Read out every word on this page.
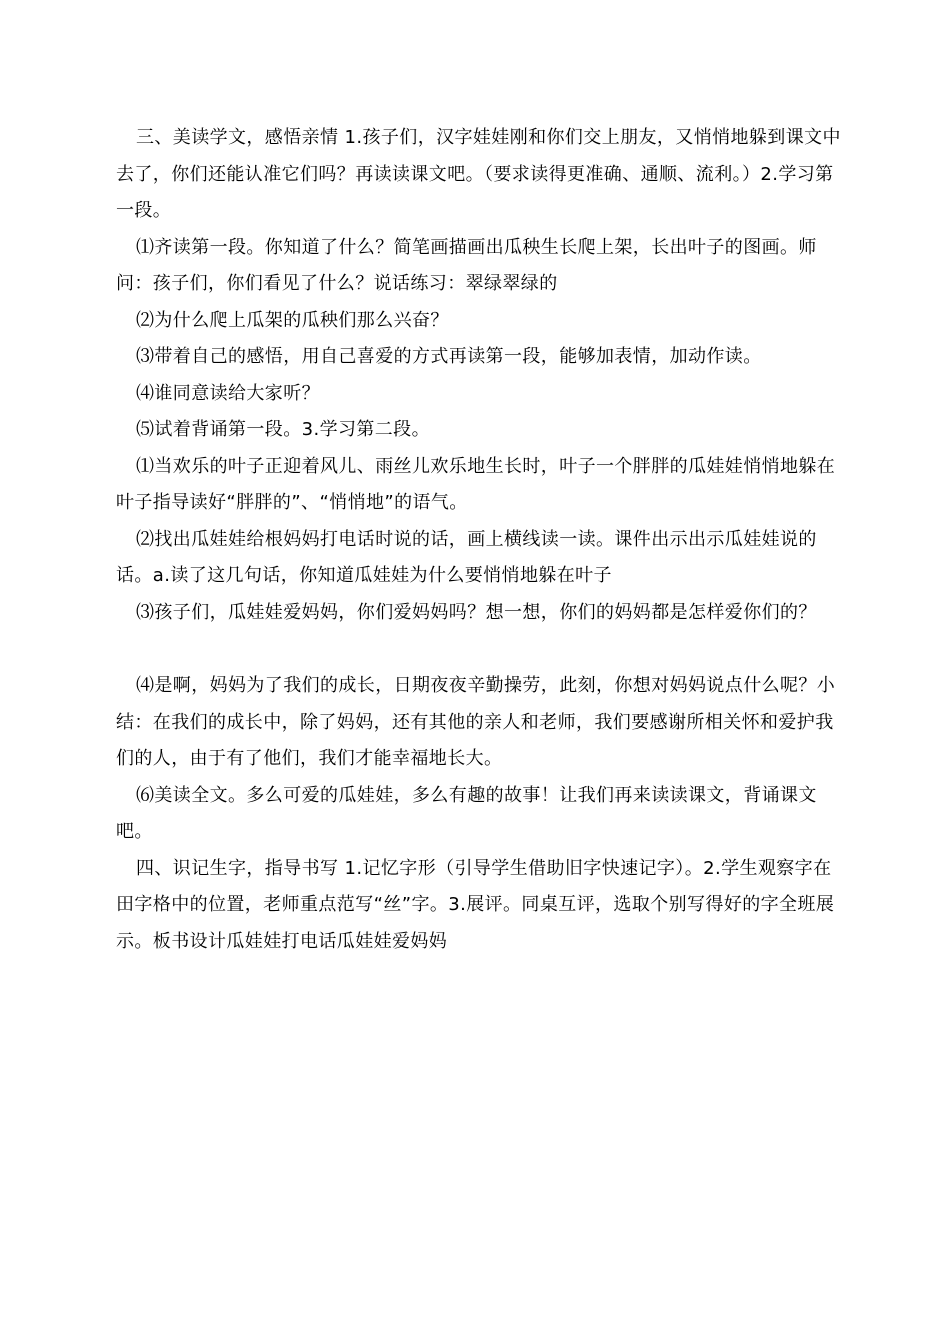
三、美读学文，感悟亲情 1.孩子们，汉字娃娃刚和你们交上朋友，又悄悄地躲到课文中去了，你们还能认准它们吗？再读读课文吧。（要求读得更准确、通顺、流利。）2.学习第一段。

⑴齐读第一段。你知道了什么？简笔画描画出瓜秧生长爬上架，长出叶子的图画。师问：孩子们，你们看见了什么？说话练习：翠绿翠绿的

⑵为什么爬上瓜架的瓜秧们那么兴奋？

⑶带着自己的感悟，用自己喜爱的方式再读第一段，能够加表情，加动作读。

⑷谁同意读给大家听？

⑸试着背诵第一段。3.学习第二段。

⑴当欢乐的叶子正迎着风儿、雨丝儿欢乐地生长时，叶子一个胖胖的瓜娃娃悄悄地躲在叶子指导读好“胖胖的”、“悄悄地”的语气。

⑵找出瓜娃娃给根妈妈打电话时说的话，画上横线读一读。课件出示出示瓜娃娃说的话。a.读了这几句话，你知道瓜娃娃为什么要悄悄地躲在叶子

⑶孩子们，瓜娃娃爱妈妈，你们爱妈妈吗？想一想，你们的妈妈都是怎样爱你们的？

⑷是啊，妈妈为了我们的成长，日期夜夜辛勤操劳，此刻，你想对妈妈说点什么呢？小结：在我们的成长中，除了妈妈，还有其他的亲人和老师，我们要感谢所相关怀和爱护我们的人，由于有了他们，我们才能幸福地长大。

⑹美读全文。多么可爱的瓜娃娃，多么有趣的故事！让我们再来读读课文，背诵课文吧。

四、识记生字，指导书写 1.记忆字形（引导学生借助旧字快速记字）。2.学生观察字在田字格中的位置，老师重点范写“丝”字。3.展评。同桌互评，选取个别写得好的字全班展示。板书设计瓜娃娃打电话瓜娃娃爱妈妈
